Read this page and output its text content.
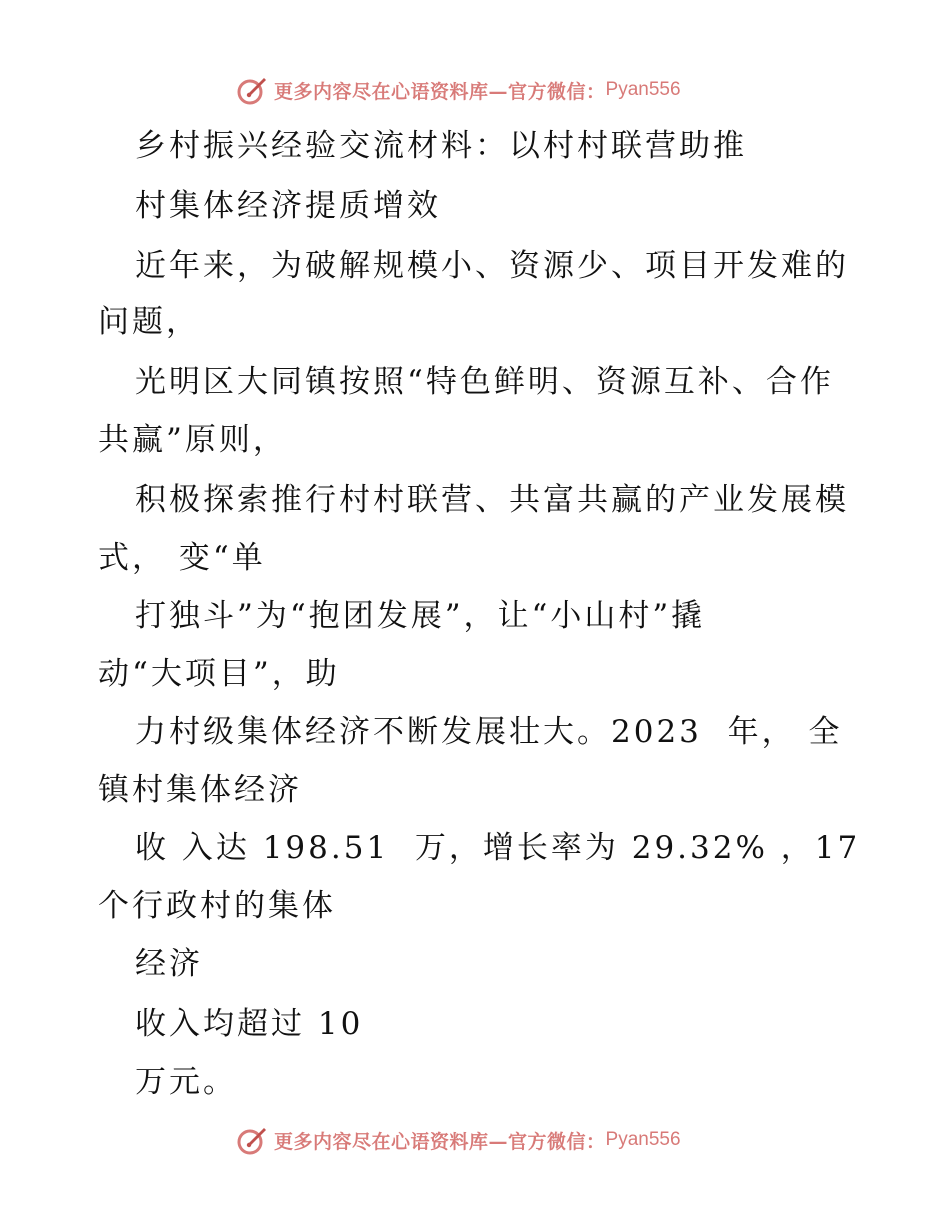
更多内容尽在心语资料库—官方微信： Pyan556

乡村振兴经验交流材料：以村村联营助推

村集体经济提质增效

近年来，为破解规模小、资源少、项目开发难的

问题，

光明区大同镇按照“特色鲜明、资源互补、合作

共赢”原则，

积极探索推行村村联营、共富共赢的产业发展模

式， 变“单

打独斗”为“抱团发展”，让“小山村”撬

动“大项目”，助

力村级集体经济不断发展壮大。2023  年， 全

镇村集体经济

收 入达 198.51  万，增长率为 29.32% ，17

个行政村的集体

经济

收入均超过 10

万元。

更多内容尽在心语资料库—官方微信： Pyan556
